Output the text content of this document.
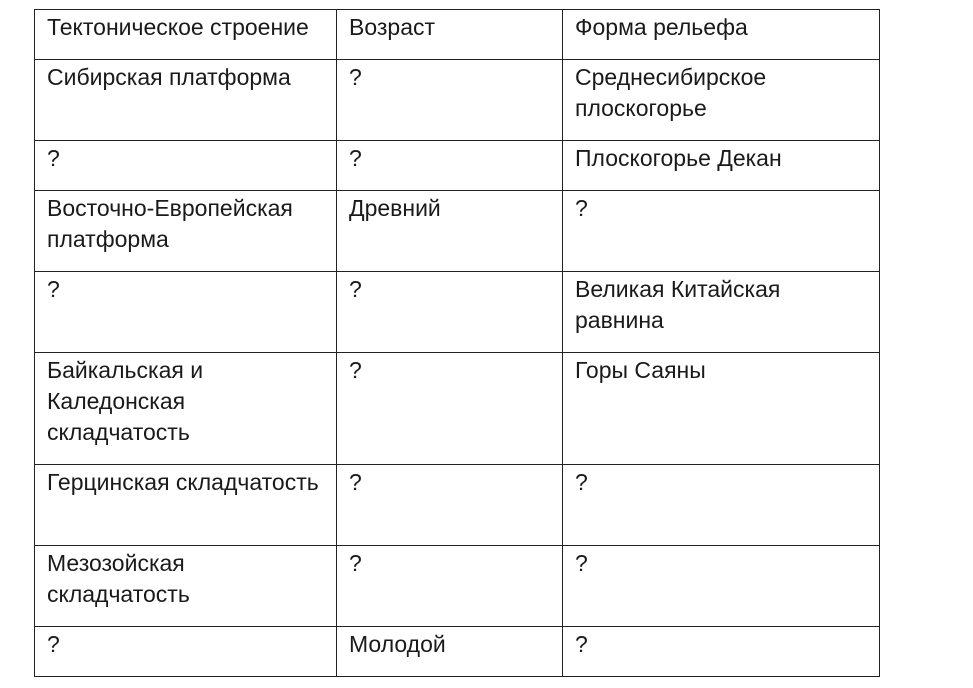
Тектоническое строение	Возраст	Форма рельефа

Сибирская платформа	?	Среднесибирское плоскогорье

?	?	Плоскогорье Декан

Восточно-Европейская платформа	Древний	?

?	?	Великая Китайская равнина

Байкальская и Каледонская складчатость	?	Горы Саяны

Герцинская складчатость	?	?

Мезозойская складчатость	?	?

?	Молодой	?
